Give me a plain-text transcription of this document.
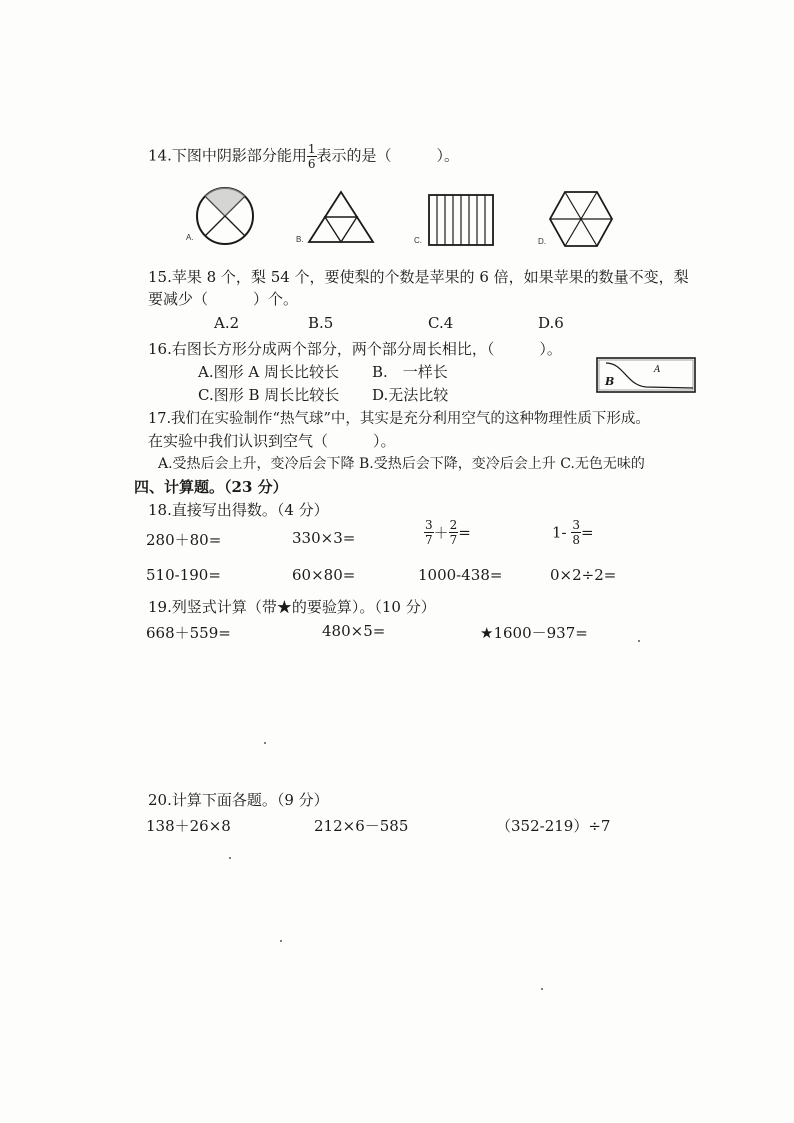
14.下图中阴影部分能用 $\frac{1}{6}$ 表示的是（　　　）。
A.	B.	C.	D.
15.苹果 8 个，梨 54 个，要使梨的个数是苹果的 6 倍，如果苹果的数量不变，梨
要减少（　　　）个。
A.2	B.5	C.4	D.6
16.右图长方形分成两个部分，两个部分周长相比，（　　　）。
A.图形 A 周长比较长 B.　一样长
C.图形 B 周长比较长 D.无法比较
A
B
17.我们在实验制作“热气球”中，其实是充分利用空气的这种物理性质下形成。
在实验中我们认识到空气（　　　）。
A.受热后会上升，变冷后会下降 B.受热后会下降，变冷后会上升 C.无色无味的
四、计算题。（23 分）
18.直接写出得数。（4 分）
280＋80=	330×3=	$\frac{3}{7} + \frac{2}{7}$ =	$1- \frac{3}{8}$ =
510-190=	60×80=	1000-438=	0×2÷2=
19.列竖式计算（带★的要验算）。（10 分）
668＋559=	480×5=	★1600－937=
20.计算下面各题。（9 分）
138＋26×8	212×6－585	（352-219）÷7
